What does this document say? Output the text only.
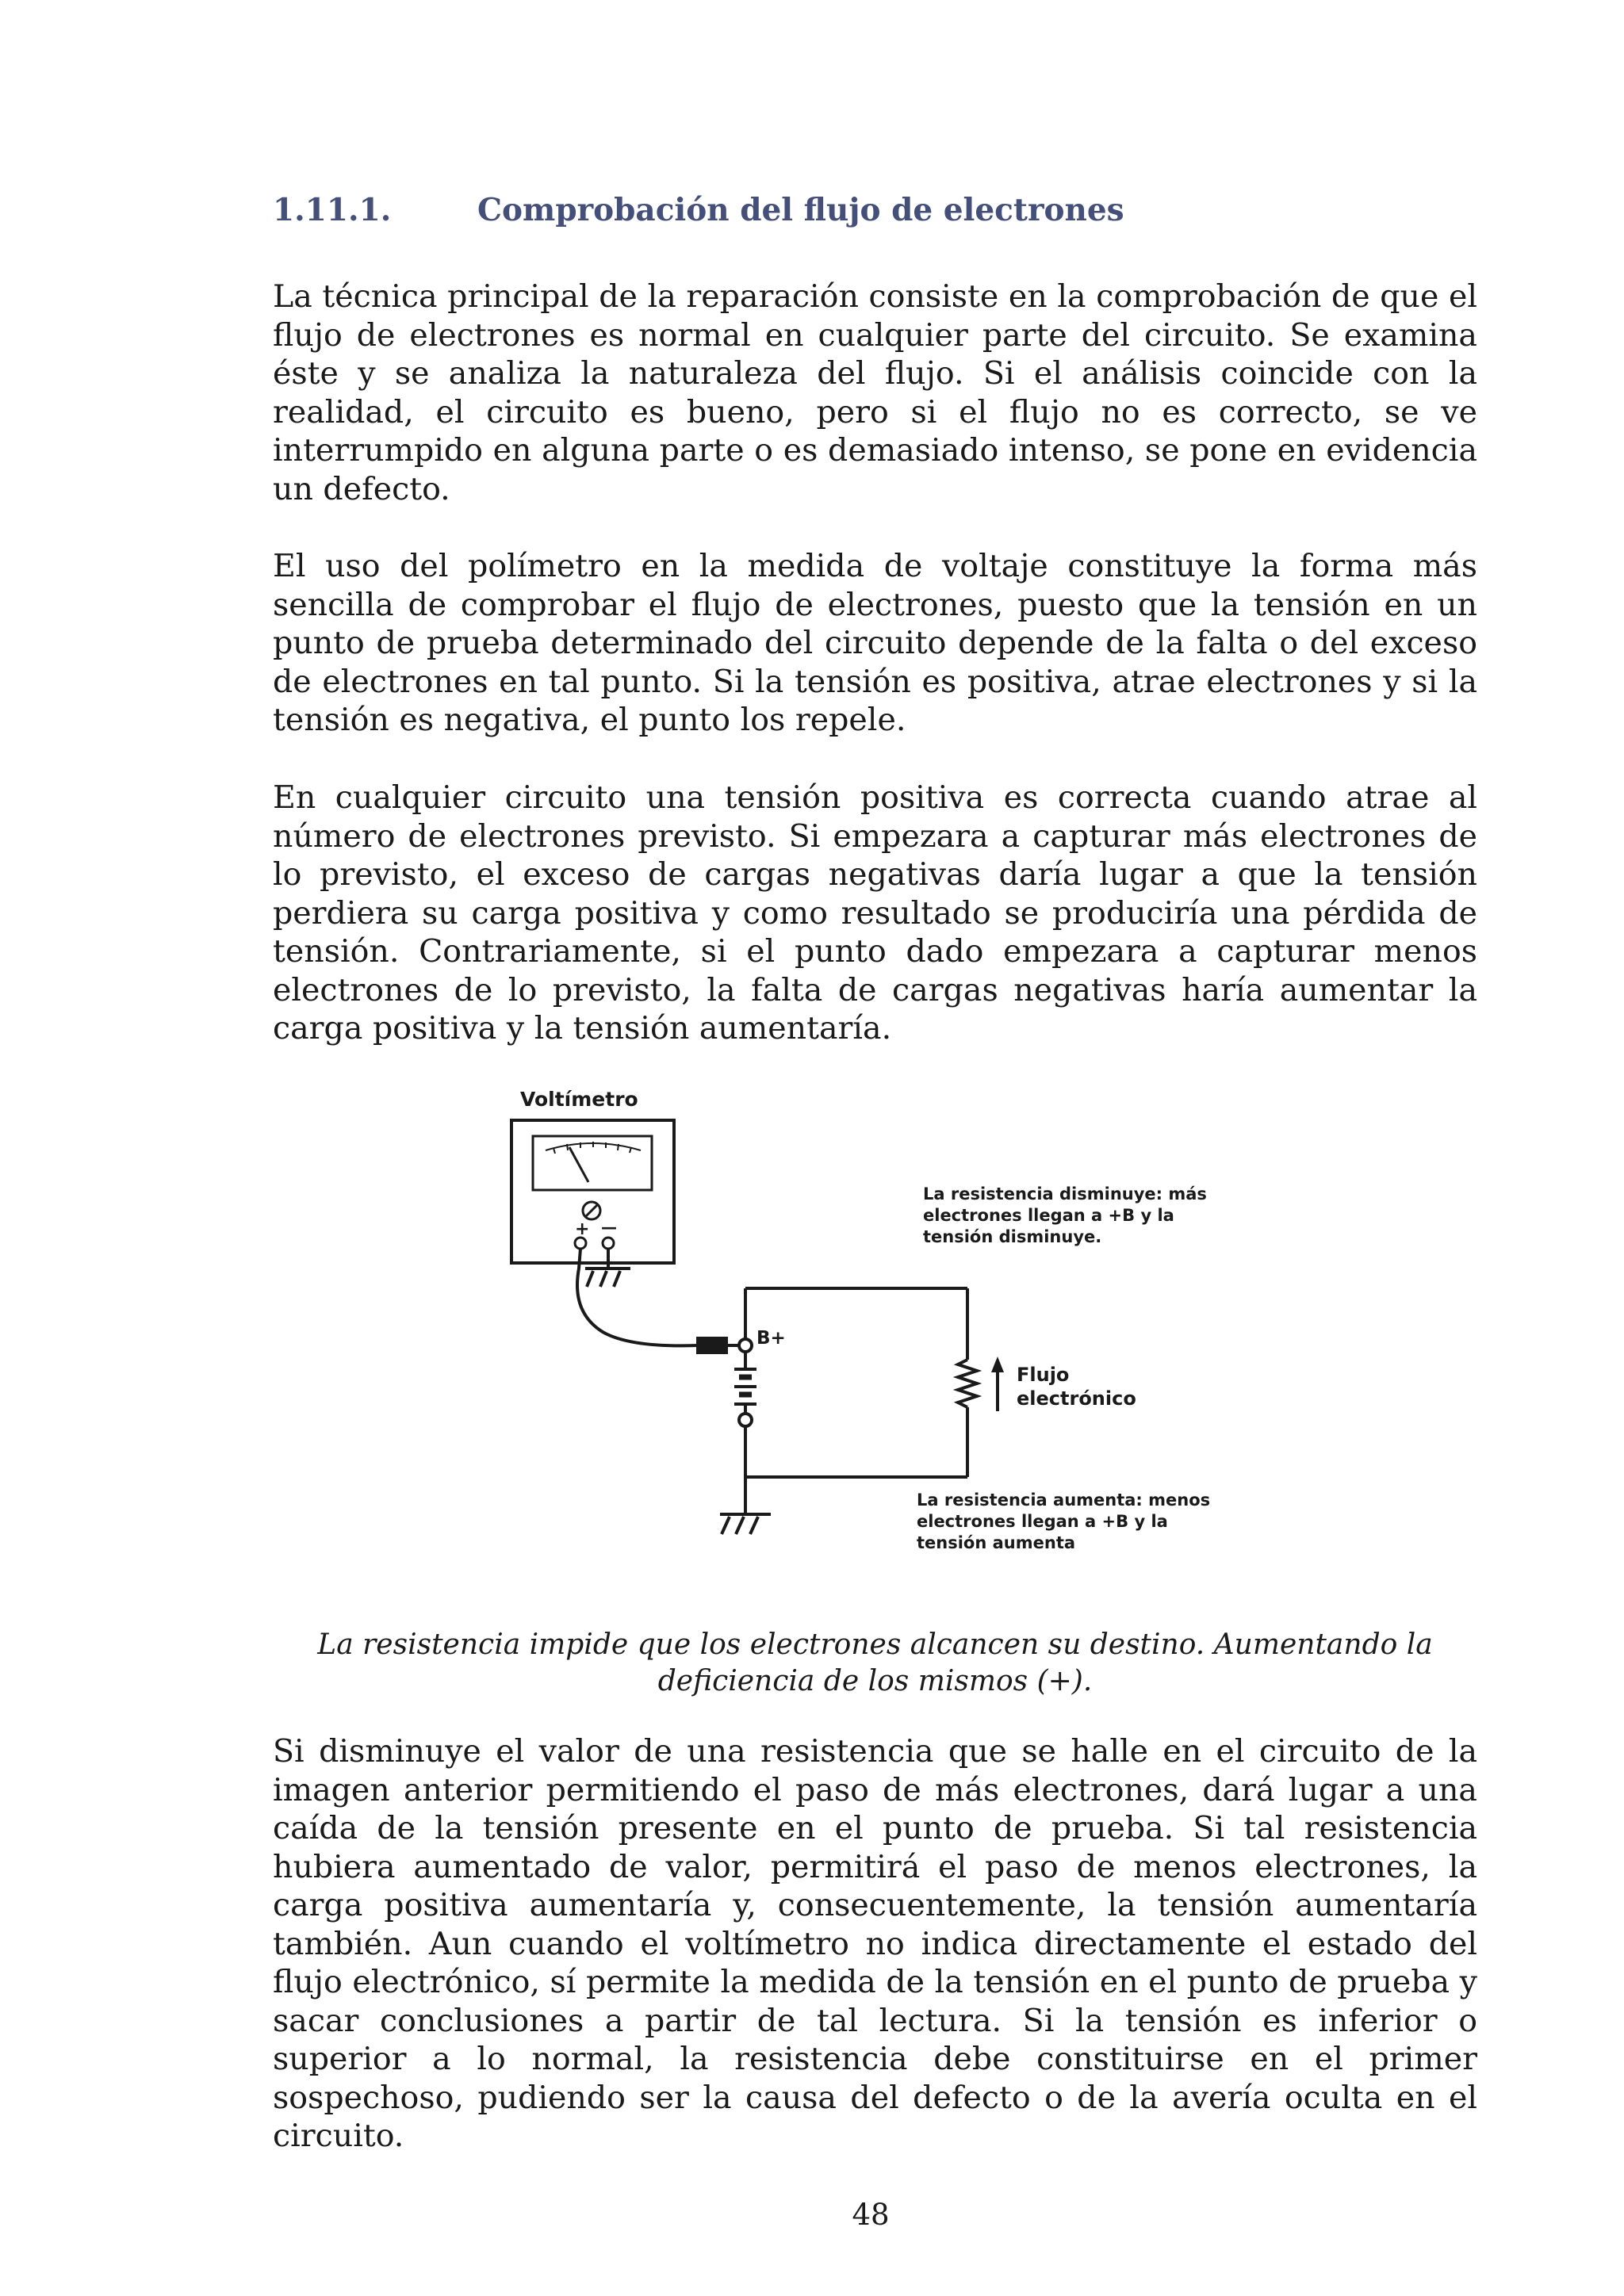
1.11.1.	Comprobación del flujo de electrones

La técnica principal de la reparación consiste en la comprobación de que el flujo de electrones es normal en cualquier parte del circuito. Se examina éste y se analiza la naturaleza del flujo. Si el análisis coincide con la realidad, el circuito es bueno, pero si el flujo no es correcto, se ve interrumpido en alguna parte o es demasiado intenso, se pone en evidencia un defecto.

El uso del polímetro en la medida de voltaje constituye la forma más sencilla de comprobar el flujo de electrones, puesto que la tensión en un punto de prueba determinado del circuito depende de la falta o del exceso de electrones en tal punto. Si la tensión es positiva, atrae electrones y si la tensión es negativa, el punto los repele.

En cualquier circuito una tensión positiva es correcta cuando atrae al número de electrones previsto. Si empezara a capturar más electrones de lo previsto, el exceso de cargas negativas daría lugar a que la tensión perdiera su carga positiva y como resultado se produciría una pérdida de tensión. Contrariamente, si el punto dado empezara a capturar menos electrones de lo previsto, la falta de cargas negativas haría aumentar la carga positiva y la tensión aumentaría.

Voltímetro
+ —
B+
Flujo electrónico
La resistencia disminuye: más electrones llegan a +B y la tensión disminuye.
La resistencia aumenta: menos electrones llegan a +B y la tensión aumenta
La resistencia impide que los electrones alcancen su destino. Aumentando la
deficiencia de los mismos (+).

Si disminuye el valor de una resistencia que se halle en el circuito de la imagen anterior permitiendo el paso de más electrones, dará lugar a una caída de la tensión presente en el punto de prueba. Si tal resistencia hubiera aumentado de valor, permitirá el paso de menos electrones, la carga positiva aumentaría y, consecuentemente, la tensión aumentaría también. Aun cuando el voltímetro no indica directamente el estado del flujo electrónico, sí permite la medida de la tensión en el punto de prueba y sacar conclusiones a partir de tal lectura. Si la tensión es inferior o superior a lo normal, la resistencia debe constituirse en el primer sospechoso, pudiendo ser la causa del defecto o de la avería oculta en el circuito.

48
